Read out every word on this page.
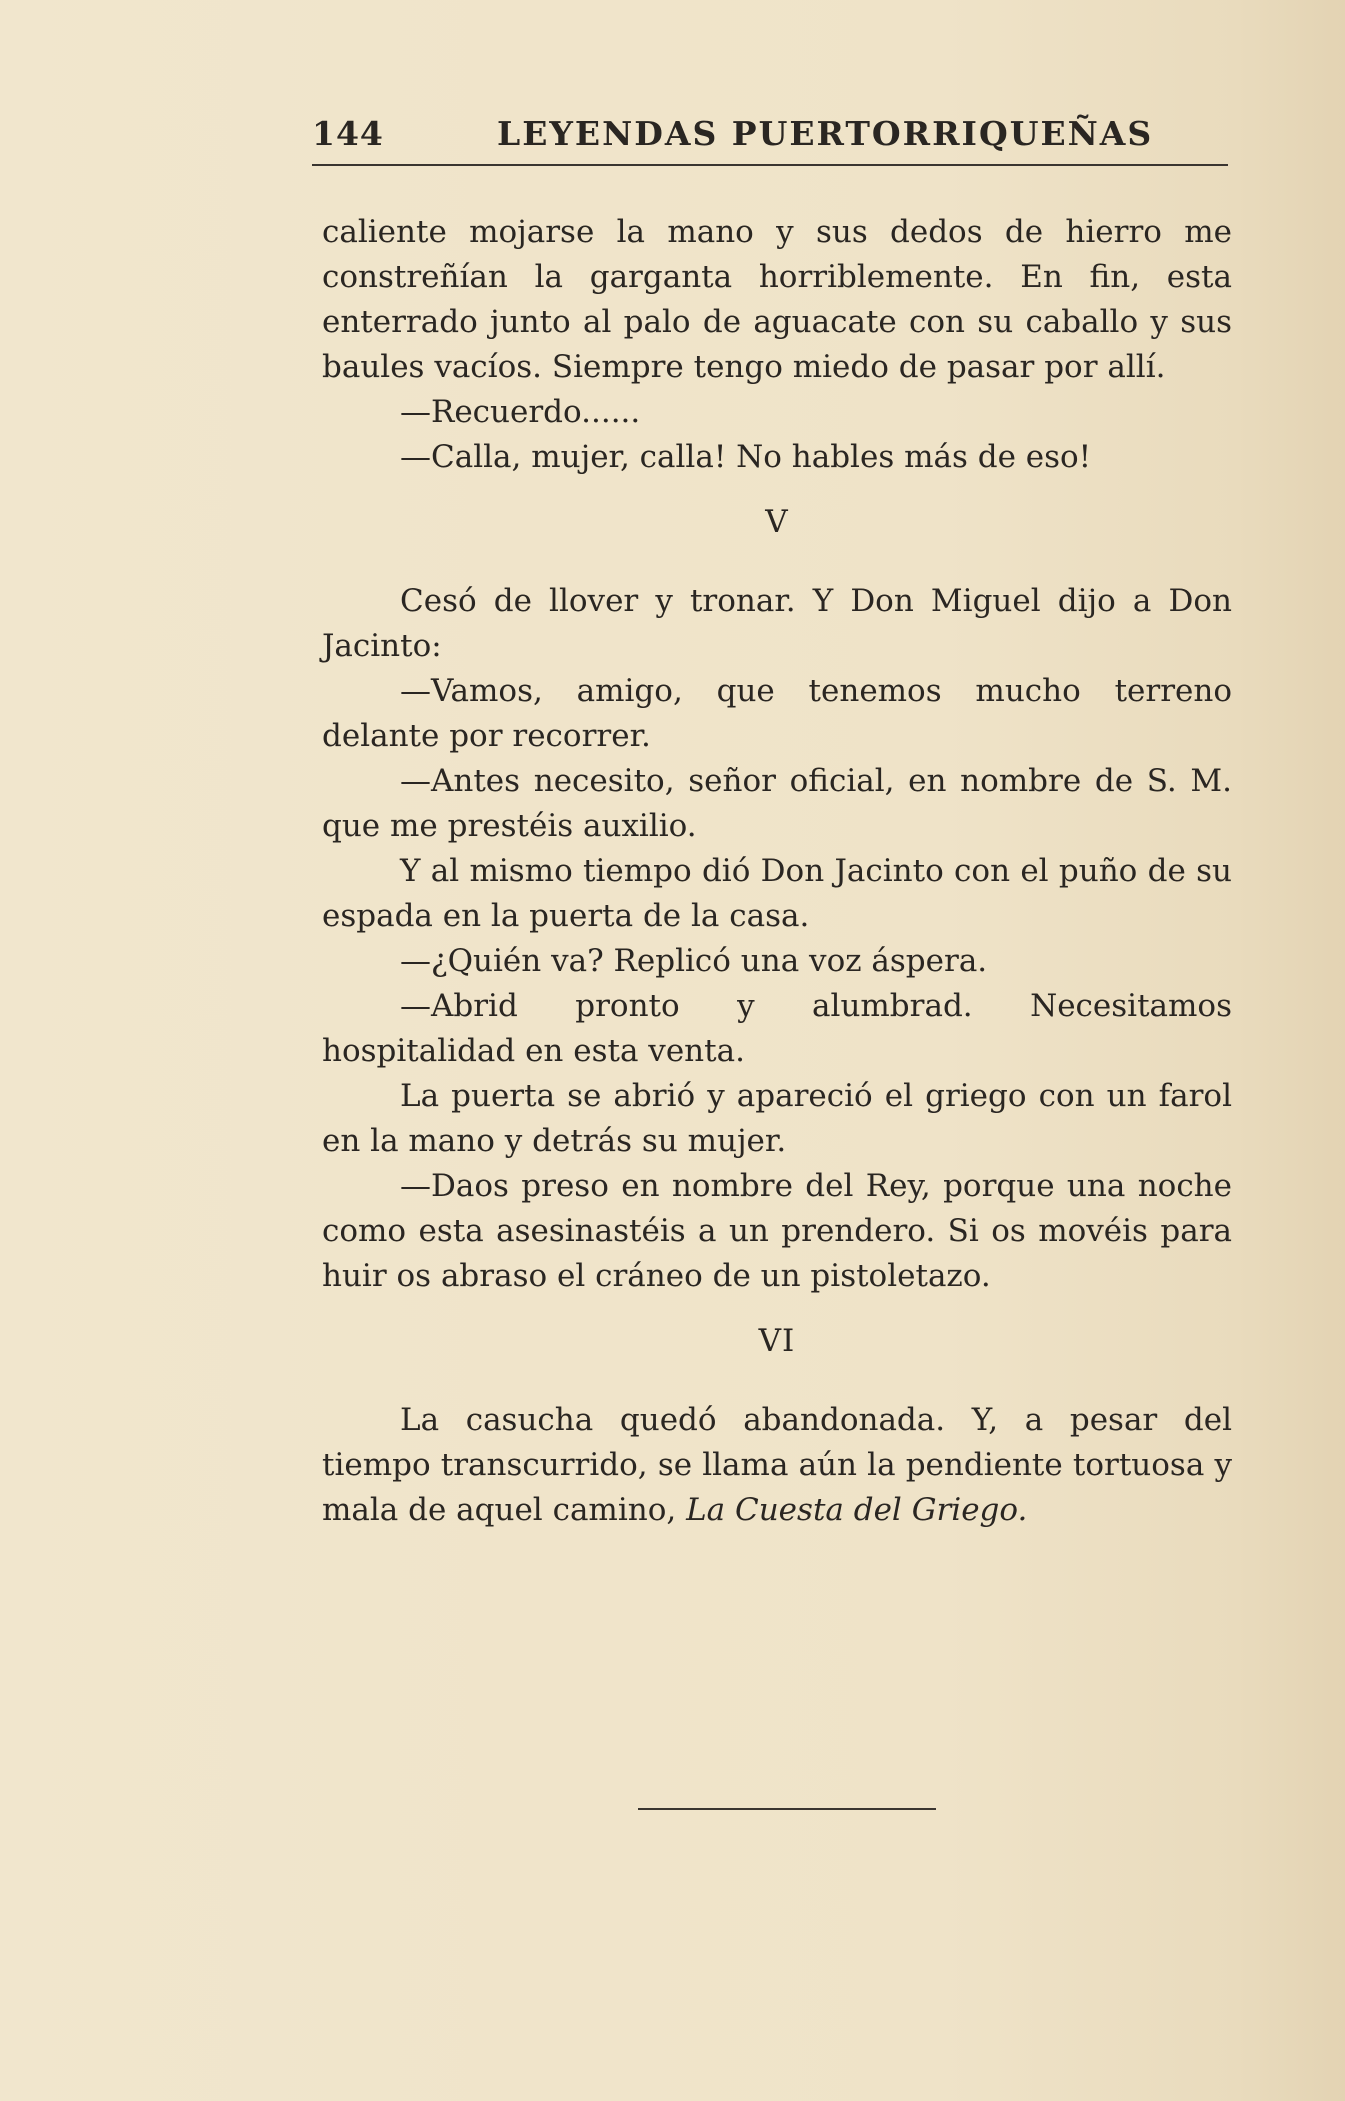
144	LEYENDAS PUERTORRIQUEÑAS

caliente mojarse la mano y sus dedos de hierro me constreñían la garganta horriblemente. En fin, esta enterrado junto al palo de aguacate con su caballo y sus baules vacíos. Siempre tengo miedo de pasar por allí.

—Recuerdo......

—Calla, mujer, calla! No hables más de eso!

V

Cesó de llover y tronar. Y Don Miguel dijo a Don Jacinto:

—Vamos, amigo, que tenemos mucho terreno delante por recorrer.

—Antes necesito, señor oficial, en nombre de S. M. que me prestéis auxilio.

Y al mismo tiempo dió Don Jacinto con el puño de su espada en la puerta de la casa.

—¿Quién va? Replicó una voz áspera.

—Abrid pronto y alumbrad. Necesitamos hospitalidad en esta venta.

La puerta se abrió y apareció el griego con un farol en la mano y detrás su mujer.

—Daos preso en nombre del Rey, porque una noche como esta asesinastéis a un prendero. Si os movéis para huir os abraso el cráneo de un pistoletazo.

VI

La casucha quedó abandonada. Y, a pesar del tiempo transcurrido, se llama aún la pendiente tortuosa y mala de aquel camino, La Cuesta del Griego.
